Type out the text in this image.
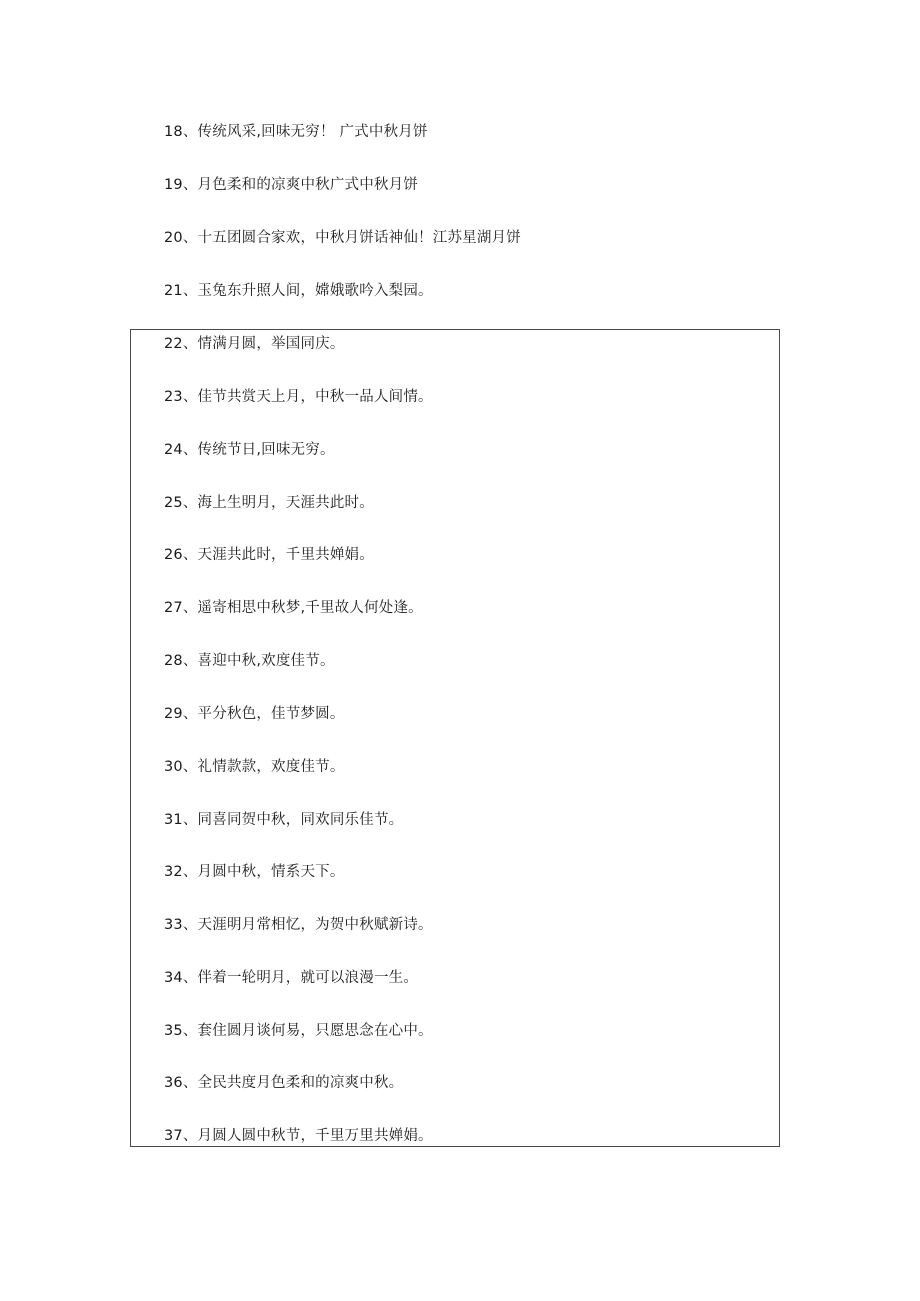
18、传统风采,回味无穷！ 广式中秋月饼
19、月色柔和的凉爽中秋广式中秋月饼
20、十五团圆合家欢，中秋月饼话神仙！江苏星湖月饼
21、玉兔东升照人间，嫦娥歌吟入梨园。
22、情满月圆，举国同庆。
23、佳节共赏天上月，中秋一品人间情。
24、传统节日,回味无穷。
25、海上生明月，天涯共此时。
26、天涯共此时，千里共婵娟。
27、遥寄相思中秋梦,千里故人何处逢。
28、喜迎中秋,欢度佳节。
29、平分秋色，佳节梦圆。
30、礼情款款，欢度佳节。
31、同喜同贺中秋，同欢同乐佳节。
32、月圆中秋，情系天下。
33、天涯明月常相忆，为贺中秋赋新诗。
34、伴着一轮明月，就可以浪漫一生。
35、套住圆月谈何易，只愿思念在心中。
36、全民共度月色柔和的凉爽中秋。
37、月圆人圆中秋节，千里万里共婵娟。
